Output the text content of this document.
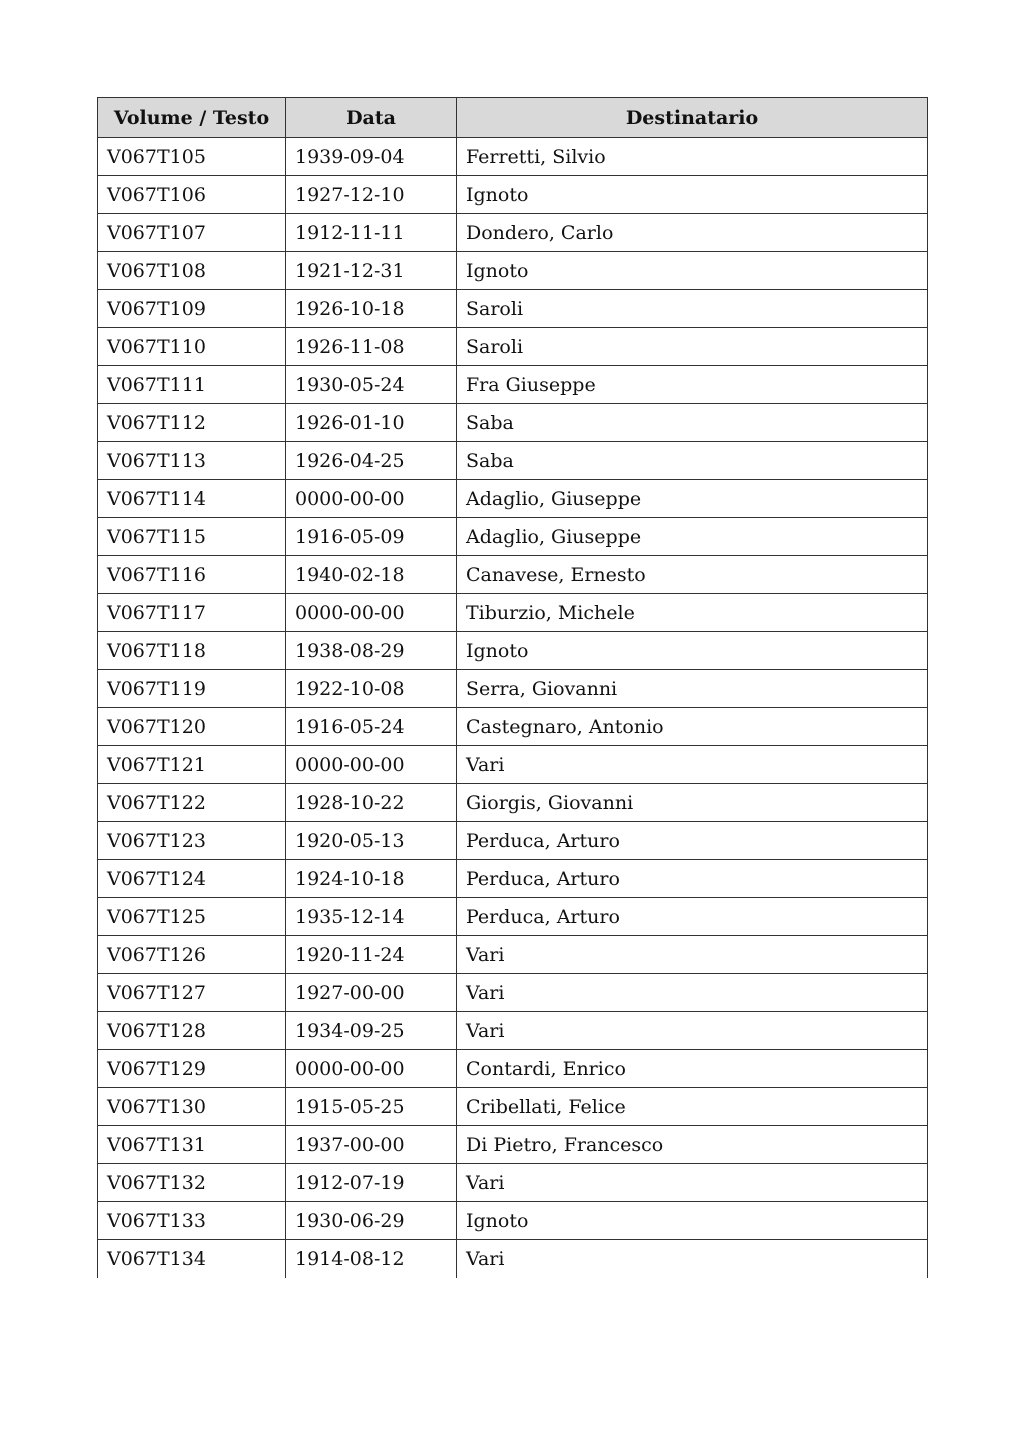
Volume / Testo	Data	Destinatario
V067T105	1939-09-04	Ferretti, Silvio
V067T106	1927-12-10	Ignoto
V067T107	1912-11-11	Dondero, Carlo
V067T108	1921-12-31	Ignoto
V067T109	1926-10-18	Saroli
V067T110	1926-11-08	Saroli
V067T111	1930-05-24	Fra Giuseppe
V067T112	1926-01-10	Saba
V067T113	1926-04-25	Saba
V067T114	0000-00-00	Adaglio, Giuseppe
V067T115	1916-05-09	Adaglio, Giuseppe
V067T116	1940-02-18	Canavese, Ernesto
V067T117	0000-00-00	Tiburzio, Michele
V067T118	1938-08-29	Ignoto
V067T119	1922-10-08	Serra, Giovanni
V067T120	1916-05-24	Castegnaro, Antonio
V067T121	0000-00-00	Vari
V067T122	1928-10-22	Giorgis, Giovanni
V067T123	1920-05-13	Perduca, Arturo
V067T124	1924-10-18	Perduca, Arturo
V067T125	1935-12-14	Perduca, Arturo
V067T126	1920-11-24	Vari
V067T127	1927-00-00	Vari
V067T128	1934-09-25	Vari
V067T129	0000-00-00	Contardi, Enrico
V067T130	1915-05-25	Cribellati, Felice
V067T131	1937-00-00	Di Pietro, Francesco
V067T132	1912-07-19	Vari
V067T133	1930-06-29	Ignoto
V067T134	1914-08-12	Vari
